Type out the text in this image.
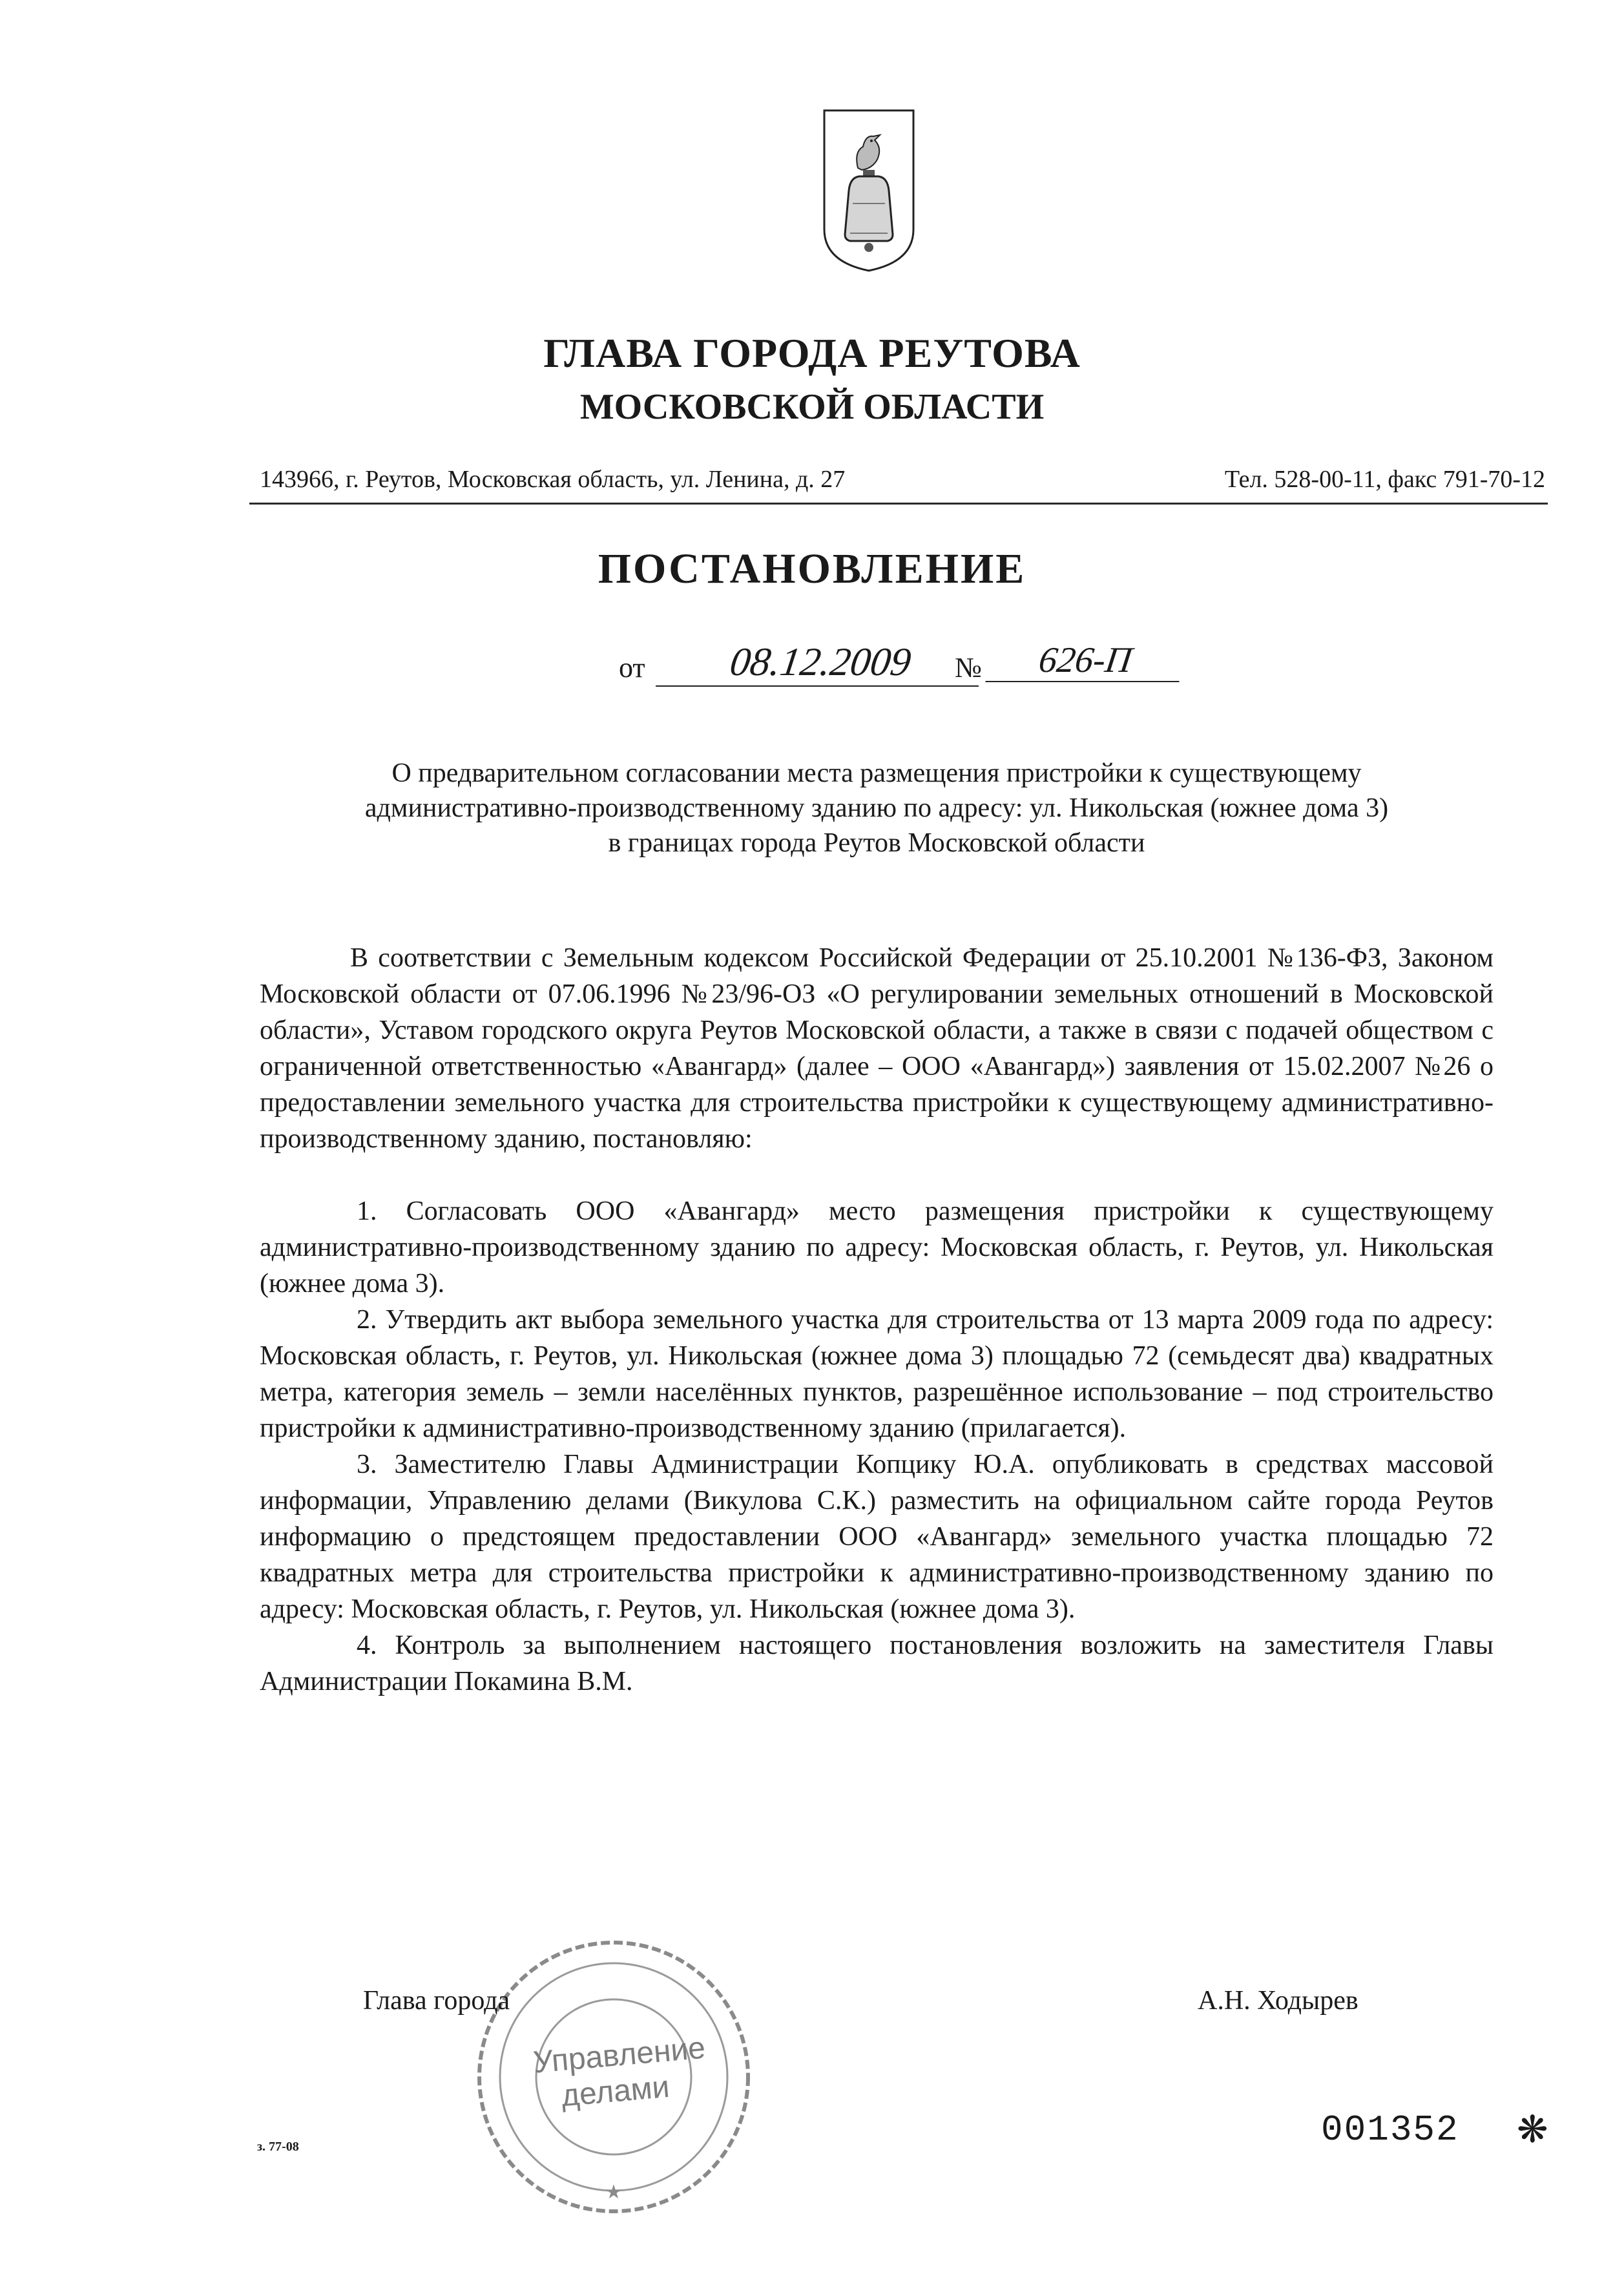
ГЛАВА ГОРОДА РЕУТОВА
МОСКОВСКОЙ ОБЛАСТИ
143966, г. Реутов, Московская область, ул. Ленина, д. 27	Тел. 528-00-11, факс 791-70-12
ПОСТАНОВЛЕНИЕ
от	08.12.2009	№	626-П
О предварительном согласовании места размещения пристройки к существующему
административно-производственному зданию по адресу: ул. Никольская (южнее дома 3)
в границах города Реутов Московской области

В соответствии с Земельным кодексом Российской Федерации от 25.10.2001 №136-ФЗ, Законом Московской области от 07.06.1996 №23/96-ОЗ «О регулировании земельных отношений в Московской области», Уставом городского округа Реутов Московской области, а также в связи с подачей обществом с ограниченной ответственностью «Авангард» (далее – ООО «Авангард») заявления от 15.02.2007 №26 о предоставлении земельного участка для строительства пристройки к существующему административно-производственному зданию, постановляю:

1. Согласовать ООО «Авангард» место размещения пристройки к существующему административно-производственному зданию по адресу: Московская область, г. Реутов, ул. Никольская (южнее дома 3).

2. Утвердить акт выбора земельного участка для строительства от 13 марта 2009 года по адресу: Московская область, г. Реутов, ул. Никольская (южнее дома 3) площадью 72 (семьдесят два) квадратных метра, категория земель – земли населённых пунктов, разрешённое использование – под строительство пристройки к административно-производственному зданию (прилагается).

3. Заместителю Главы Администрации Копцику Ю.А. опубликовать в средствах массовой информации, Управлению делами (Викулова С.К.) разместить на официальном сайте города Реутов информацию о предстоящем предоставлении ООО «Авангард» земельного участка площадью 72 квадратных метра для строительства пристройки к административно-производственному зданию по адресу: Московская область, г. Реутов, ул. Никольская (южнее дома 3).

4. Контроль за выполнением настоящего постановления возложить на заместителя Главы Администрации Покамина В.М.

Управление
делами
★
Глава города	А.Н. Ходырев
з. 77-08	001352 ❋
